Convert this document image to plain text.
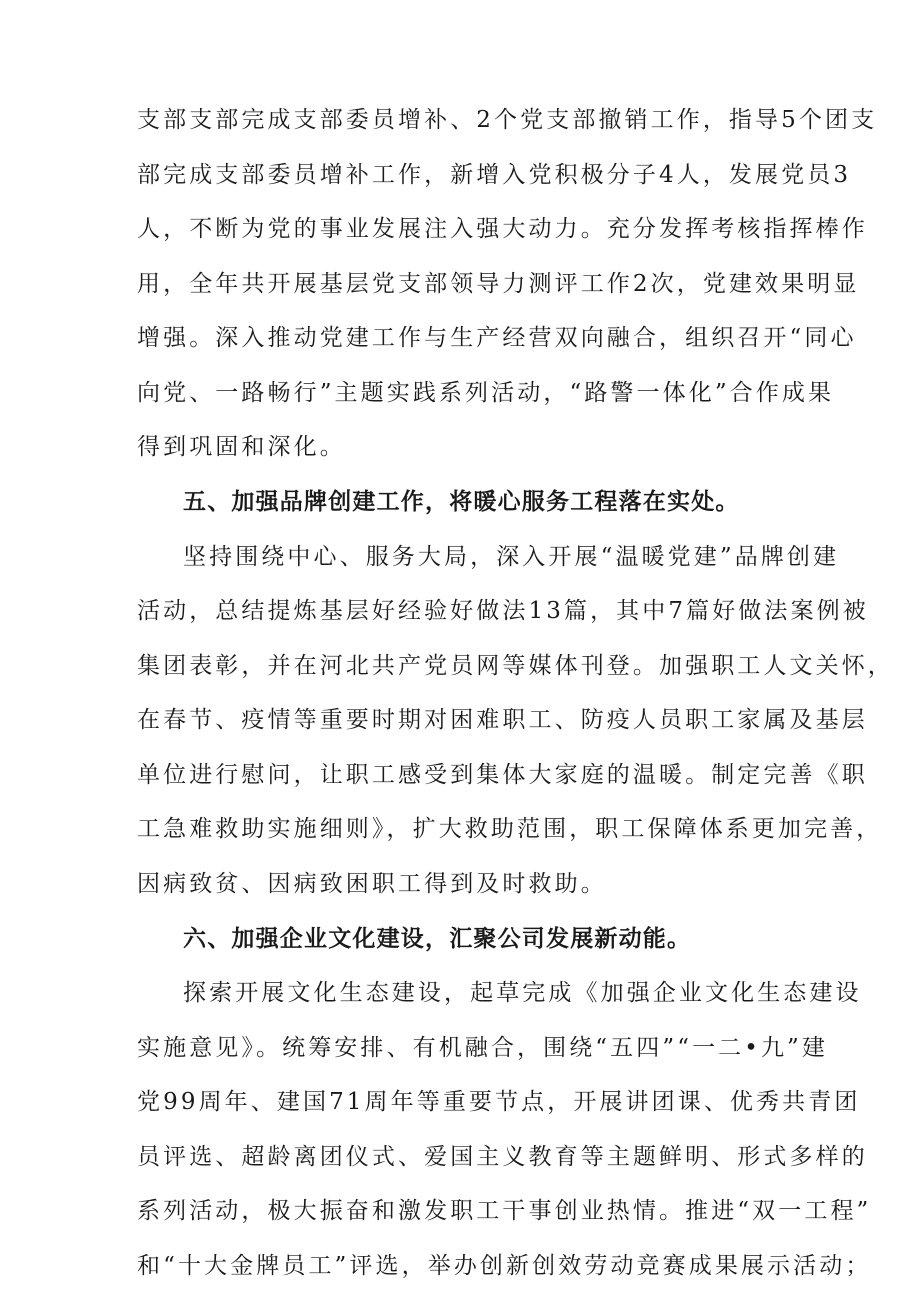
支部支部完成支部委员增补、2个党支部撤销工作，指导5个团支
部完成支部委员增补工作，新增入党积极分子4人，发展党员3
人，不断为党的事业发展注入强大动力。充分发挥考核指挥棒作
用，全年共开展基层党支部领导力测评工作2次，党建效果明显
增强。深入推动党建工作与生产经营双向融合，组织召开“同心
向党、一路畅行”主题实践系列活动，“路警一体化”合作成果
得到巩固和深化。
五、加强品牌创建工作，将暖心服务工程落在实处。
坚持围绕中心、服务大局，深入开展“温暖党建”品牌创建
活动，总结提炼基层好经验好做法13篇，其中7篇好做法案例被
集团表彰，并在河北共产党员网等媒体刊登。加强职工人文关怀，
在春节、疫情等重要时期对困难职工、防疫人员职工家属及基层
单位进行慰问，让职工感受到集体大家庭的温暖。制定完善《职
工急难救助实施细则》，扩大救助范围，职工保障体系更加完善，
因病致贫、因病致困职工得到及时救助。
六、加强企业文化建设，汇聚公司发展新动能。
探索开展文化生态建设，起草完成《加强企业文化生态建设
实施意见》。统筹安排、有机融合，围绕“五四”“一二•九”建
党99周年、建国71周年等重要节点，开展讲团课、优秀共青团
员评选、超龄离团仪式、爱国主义教育等主题鲜明、形式多样的
系列活动，极大振奋和激发职工干事创业热情。推进“双一工程”
和“十大金牌员工”评选，举办创新创效劳动竞赛成果展示活动；
